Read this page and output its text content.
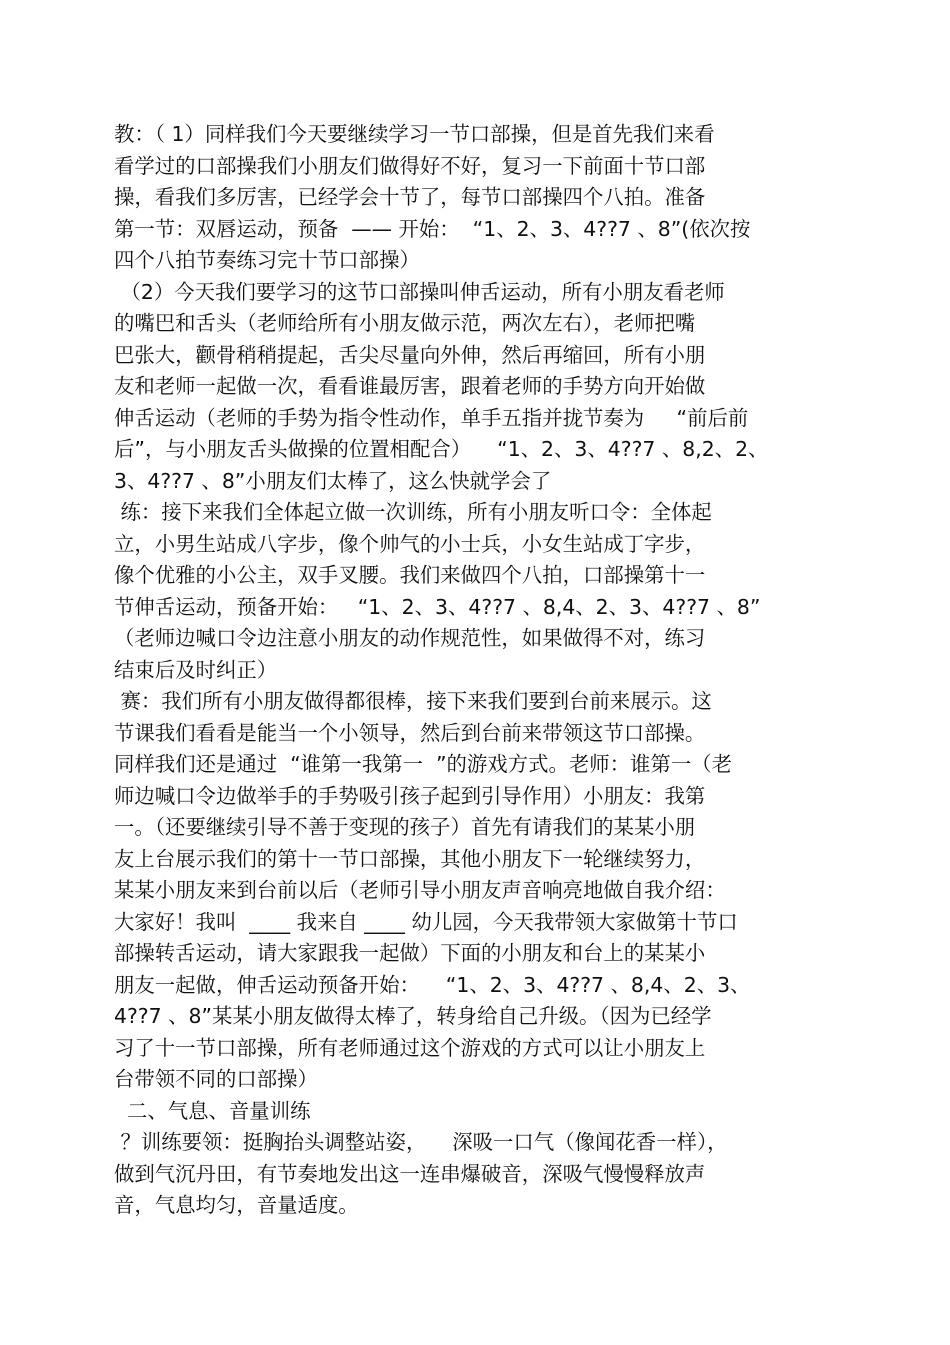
教：（ 1）同样我们今天要继续学习一节口部操，但是首先我们来看
看学过的口部操我们小朋友们做得好不好，复习一下前面十节口部
操，看我们多厉害，已经学会十节了，每节口部操四个八拍。准备
第一节：双唇运动，预备  —— 开始：  “1、2、3、4??7 、8”(依次按
四个八拍节奏练习完十节口部操）
（2）今天我们要学习的这节口部操叫伸舌运动，所有小朋友看老师
的嘴巴和舌头（老师给所有小朋友做示范，两次左右），老师把嘴
巴张大，颧骨稍稍提起，舌尖尽量向外伸，然后再缩回，所有小朋
友和老师一起做一次，看看谁最厉害，跟着老师的手势方向开始做
伸舌运动（老师的手势为指令性动作，单手五指并拢节奏为     “前后前
后”，与小朋友舌头做操的位置相配合）    “1、2、3、4??7 、8,2、2、
3、4??7 、8”小朋友们太棒了，这么快就学会了
练：接下来我们全体起立做一次训练，所有小朋友听口令：全体起
立，小男生站成八字步，像个帅气的小士兵，小女生站成丁字步，
像个优雅的小公主，双手叉腰。我们来做四个八拍，口部操第十一
节伸舌运动，预备开始：   “1、2、3、4??7 、8,4、2、3、4??7 、8”
（老师边喊口令边注意小朋友的动作规范性，如果做得不对，练习
结束后及时纠正）
赛：我们所有小朋友做得都很棒，接下来我们要到台前来展示。这
节课我们看看是能当一个小领导，然后到台前来带领这节口部操。
同样我们还是通过  “谁第一我第一  ”的游戏方式。老师：谁第一（老
师边喊口令边做举手的手势吸引孩子起到引导作用）小朋友：我第
一。（还要继续引导不善于变现的孩子）首先有请我们的某某小朋
友上台展示我们的第十一节口部操，其他小朋友下一轮继续努力，
某某小朋友来到台前以后（老师引导小朋友声音响亮地做自我介绍：
大家好！我叫  ____ 我来自 ____ 幼儿园，今天我带领大家做第十节口
部操转舌运动，请大家跟我一起做）下面的小朋友和台上的某某小
朋友一起做，伸舌运动预备开始：    “1、2、3、4??7 、8,4、2、3、
4??7 、8”某某小朋友做得太棒了，转身给自己升级。（因为已经学
习了十一节口部操，所有老师通过这个游戏的方式可以让小朋友上
台带领不同的口部操）
二、气息、音量训练
？训练要领：挺胸抬头调整站姿，    深吸一口气（像闻花香一样），
做到气沉丹田，有节奏地发出这一连串爆破音，深吸气慢慢释放声
音，气息均匀，音量适度。
